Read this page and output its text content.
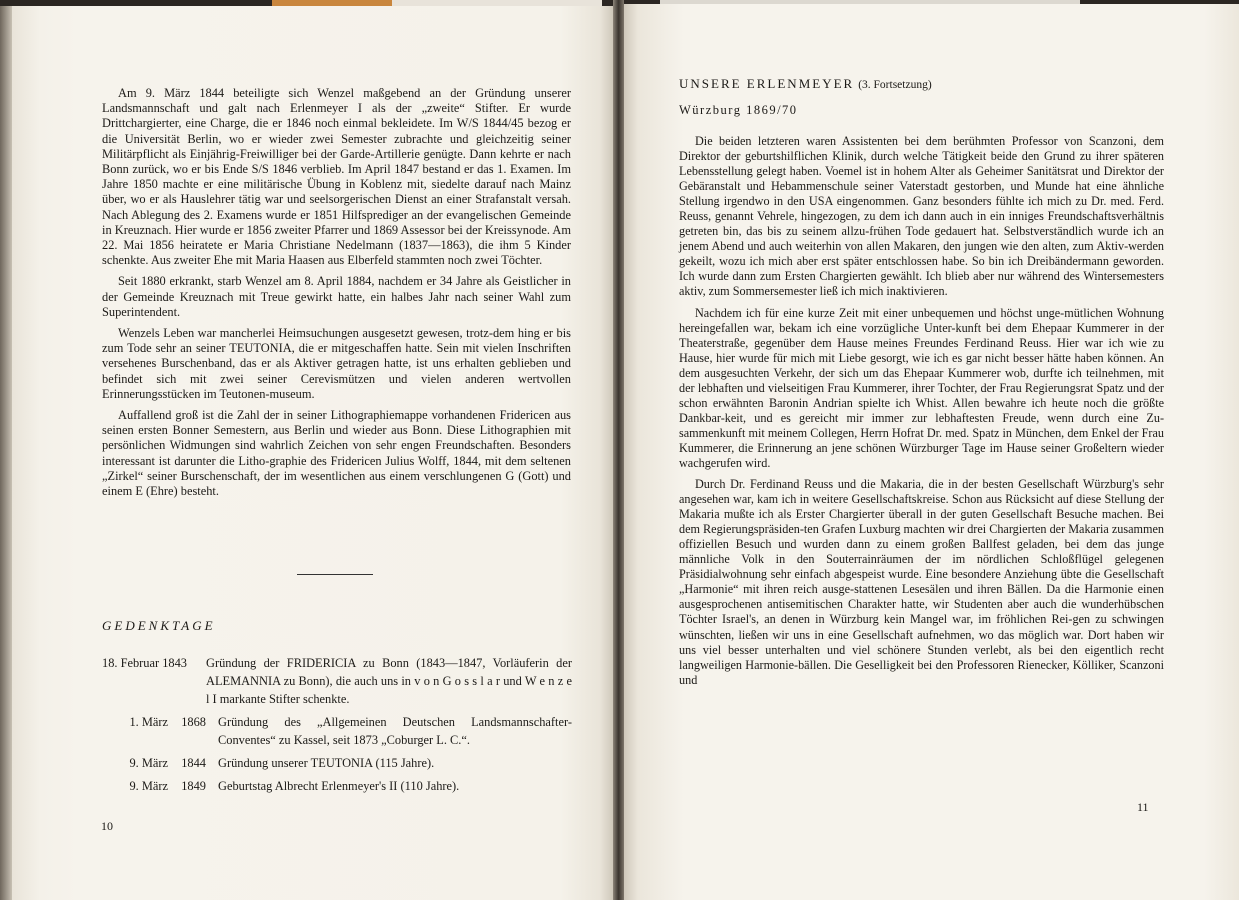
Am 9. März 1844 beteiligte sich Wenzel maßgebend an der Gründung unserer Landsmannschaft und galt nach Erlenmeyer I als der „zweite“ Stifter. Er wurde Drittchargierter, eine Charge, die er 1846 noch einmal bekleidete. Im W/S 1844/45 bezog er die Universität Berlin, wo er wieder zwei Semester zubrachte und gleichzeitig seiner Militärpflicht als Einjährig-Freiwilliger bei der Garde-Artillerie genügte. Dann kehrte er nach Bonn zurück, wo er bis Ende S/S 1846 verblieb. Im April 1847 bestand er das 1. Examen. Im Jahre 1850 machte er eine militärische Übung in Koblenz mit, siedelte darauf nach Mainz über, wo er als Hauslehrer tätig war und seelsorgerischen Dienst an einer Strafanstalt versah. Nach Ablegung des 2. Examens wurde er 1851 Hilfsprediger an der evangelischen Gemeinde in Kreuznach. Hier wurde er 1856 zweiter Pfarrer und 1869 Assessor bei der Kreissynode. Am 22. Mai 1856 heiratete er Maria Christiane Nedelmann (1837—1863), die ihm 5 Kinder schenkte. Aus zweiter Ehe mit Maria Haasen aus Elberfeld stammten noch zwei Töchter.

Seit 1880 erkrankt, starb Wenzel am 8. April 1884, nachdem er 34 Jahre als Geistlicher in der Gemeinde Kreuznach mit Treue gewirkt hatte, ein halbes Jahr nach seiner Wahl zum Superintendent.

Wenzels Leben war mancherlei Heimsuchungen ausgesetzt gewesen, trotz-dem hing er bis zum Tode sehr an seiner TEUTONIA, die er mitgeschaffen hatte. Sein mit vielen Inschriften versehenes Burschenband, das er als Aktiver getragen hatte, ist uns erhalten geblieben und befindet sich mit zwei seiner Cerevismützen und vielen anderen wertvollen Erinnerungsstücken im Teutonen-museum.

Auffallend groß ist die Zahl der in seiner Lithographiemappe vorhandenen Fridericen aus seinen ersten Bonner Semestern, aus Berlin und wieder aus Bonn. Diese Lithographien mit persönlichen Widmungen sind wahrlich Zeichen von sehr engen Freundschaften. Besonders interessant ist darunter die Litho-graphie des Fridericen Julius Wolff, 1844, mit dem seltenen „Zirkel“ seiner Burschenschaft, der im wesentlichen aus einem verschlungenen G (Gott) und einem E (Ehre) besteht.

GEDENKTAGE
18. Februar 1843	Gründung der FRIDERICIA zu Bonn (1843—1847, Vorläuferin der ALEMANNIA zu Bonn), die auch uns in v o n G o s s l a r und W e n z e l I markante Stifter schenkte.
1. März	1868 Gründung des „Allgemeinen Deutschen Landsmannschafter-Conventes“ zu Kassel, seit 1873 „Coburger L. C.“.
9. März	1844 Gründung unserer TEUTONIA (115 Jahre).
9. März	1849 Geburtstag Albrecht Erlenmeyer's II (110 Jahre).
10
UNSERE ERLENMEYER (3. Fortsetzung)
Würzburg 1869/70

Die beiden letzteren waren Assistenten bei dem berühmten Professor von Scanzoni, dem Direktor der geburtshilflichen Klinik, durch welche Tätigkeit beide den Grund zu ihrer späteren Lebensstellung gelegt haben. Voemel ist in hohem Alter als Geheimer Sanitätsrat und Direktor der Gebäranstalt und Hebammenschule seiner Vaterstadt gestorben, und Munde hat eine ähnliche Stellung irgendwo in den USA eingenommen. Ganz besonders fühlte ich mich zu Dr. med. Ferd. Reuss, genannt Vehrele, hingezogen, zu dem ich dann auch in ein inniges Freundschaftsverhältnis getreten bin, das bis zu seinem allzu-frühen Tode gedauert hat. Selbstverständlich wurde ich an jenem Abend und auch weiterhin von allen Makaren, den jungen wie den alten, zum Aktiv-werden gekeilt, wozu ich mich aber erst später entschlossen habe. So bin ich Dreibändermann geworden. Ich wurde dann zum Ersten Chargierten gewählt. Ich blieb aber nur während des Wintersemesters aktiv, zum Sommersemester ließ ich mich inaktivieren.

Nachdem ich für eine kurze Zeit mit einer unbequemen und höchst unge-mütlichen Wohnung hereingefallen war, bekam ich eine vorzügliche Unter-kunft bei dem Ehepaar Kummerer in der Theaterstraße, gegenüber dem Hause meines Freundes Ferdinand Reuss. Hier war ich wie zu Hause, hier wurde für mich mit Liebe gesorgt, wie ich es gar nicht besser hätte haben können. An dem ausgesuchten Verkehr, der sich um das Ehepaar Kummerer wob, durfte ich teilnehmen, mit der lebhaften und vielseitigen Frau Kummerer, ihrer Tochter, der Frau Regierungsrat Spatz und der schon erwähnten Baronin Andrian spielte ich Whist. Allen bewahre ich heute noch die größte Dankbar-keit, und es gereicht mir immer zur lebhaftesten Freude, wenn durch eine Zu-sammenkunft mit meinem Collegen, Herrn Hofrat Dr. med. Spatz in München, dem Enkel der Frau Kummerer, die Erinnerung an jene schönen Würzburger Tage im Hause seiner Großeltern wieder wachgerufen wird.

Durch Dr. Ferdinand Reuss und die Makaria, die in der besten Gesellschaft Würzburg's sehr angesehen war, kam ich in weitere Gesellschaftskreise. Schon aus Rücksicht auf diese Stellung der Makaria mußte ich als Erster Chargierter überall in der guten Gesellschaft Besuche machen. Bei dem Regierungspräsiden-ten Grafen Luxburg machten wir drei Chargierten der Makaria zusammen offiziellen Besuch und wurden dann zu einem großen Ballfest geladen, bei dem das junge männliche Volk in den Souterrainräumen der im nördlichen Schloßflügel gelegenen Präsidialwohnung sehr einfach abgespeist wurde. Eine besondere Anziehung übte die Gesellschaft „Harmonie“ mit ihren reich ausge-stattenen Lesesälen und ihren Bällen. Da die Harmonie einen ausgesprochenen antisemitischen Charakter hatte, wir Studenten aber auch die wunderhübschen Töchter Israel's, an denen in Würzburg kein Mangel war, im fröhlichen Rei-gen zu schwingen wünschten, ließen wir uns in eine Gesellschaft aufnehmen, wo das möglich war. Dort haben wir uns viel besser unterhalten und viel schönere Stunden verlebt, als bei den eigentlich recht langweiligen Harmonie-bällen. Die Geselligkeit bei den Professoren Rienecker, Kölliker, Scanzoni und

11
